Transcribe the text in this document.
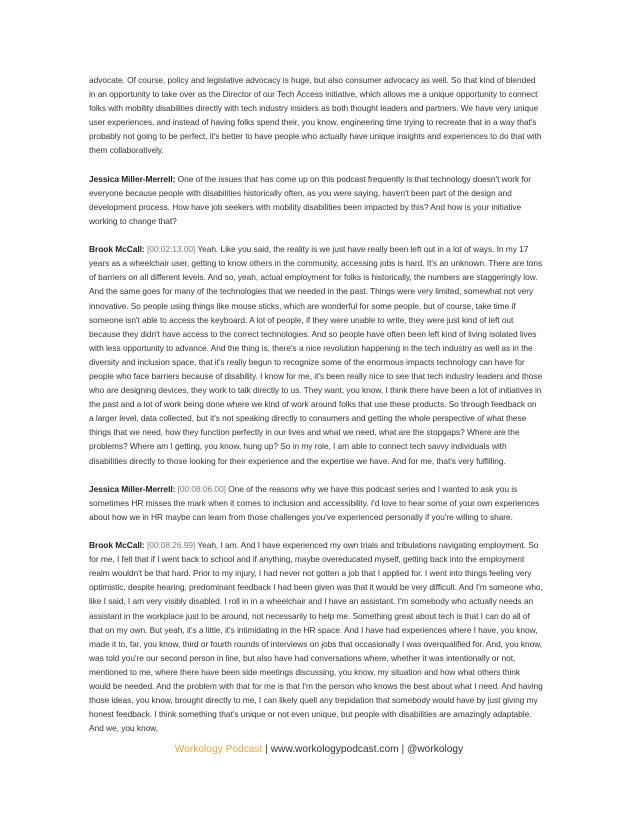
advocate. Of course, policy and legislative advocacy is huge, but also consumer advocacy as well. So that kind of blended in an opportunity to take over as the Director of our Tech Access initiative, which allows me a unique opportunity to connect folks with mobility disabilities directly with tech industry insiders as both thought leaders and partners. We have very unique user experiences, and instead of having folks spend their, you know, engineering time trying to recreate that in a way that's probably not going to be perfect, it's better to have people who actually have unique insights and experiences to do that with them collaboratively.

Jessica Miller-Merrell: One of the issues that has come up on this podcast frequently is that technology doesn't work for everyone because people with disabilities historically often, as you were saying, haven't been part of the design and development process. How have job seekers with mobility disabilities been impacted by this? And how is your initiative working to change that?

Brook McCall: [00:02:13.00] Yeah. Like you said, the reality is we just have really been left out in a lot of ways. In my 17 years as a wheelchair user, getting to know others in the community, accessing jobs is hard. It's an unknown. There are tons of barriers on all different levels. And so, yeah, actual employment for folks is historically, the numbers are staggeringly low. And the same goes for many of the technologies that we needed in the past. Things were very limited, somewhat not very innovative. So people using things like mouse sticks, which are wonderful for some people, but of course, take time if someone isn't able to access the keyboard. A lot of people, if they were unable to write, they were just kind of left out because they didn't have access to the correct technologies. And so people have often been left kind of living isolated lives with less opportunity to advance. And the thing is, there's a nice revolution happening in the tech industry as well as in the diversity and inclusion space, that it's really begun to recognize some of the enormous impacts technology can have for people who face barriers because of disability. I know for me, it's been really nice to see that tech industry leaders and those who are designing devices, they work to talk directly to us. They want, you know, I think there have been a lot of initiatives in the past and a lot of work being done where we kind of work around folks that use these products. So through feedback on a larger level, data collected, but it's not speaking directly to consumers and getting the whole perspective of what these things that we need, how they function perfectly in our lives and what we need, what are the stopgaps? Where are the problems? Where am I getting, you know, hung up? So in my role, I am able to connect tech savvy individuals with disabilities directly to those looking for their experience and the expertise we have. And for me, that's very fulfilling.

Jessica Miller-Merrell: [00:08:06.00] One of the reasons why we have this podcast series and I wanted to ask you is sometimes HR misses the mark when it comes to inclusion and accessibility. I'd love to hear some of your own experiences about how we in HR maybe can learn from those challenges you've experienced personally if you're willing to share.

Brook McCall: [00:08:26.99] Yeah, I am. And I have experienced my own trials and tribulations navigating employment. So for me, I felt that if I went back to school and if anything, maybe overeducated myself, getting back into the employment realm wouldn't be that hard. Prior to my injury, I had never not gotten a job that I applied for. I went into things feeling very optimistic, despite hearing, predominant feedback I had been given was that it would be very difficult. And I'm someone who, like I said, I am very visibly disabled. I roll in in a wheelchair and I have an assistant. I'm somebody who actually needs an assistant in the workplace just to be around, not necessarily to help me. Something great about tech is that I can do all of that on my own. But yeah, it's a little, it's intimidating in the HR space. And I have had experiences where I have, you know, made it to, far, you know, third or fourth rounds of interviews on jobs that occasionally I was overqualified for. And, you know, was told you're our second person in line, but also have had conversations where, whether it was intentionally or not, mentioned to me, where there have been side meetings discussing, you know, my situation and how what others think would be needed. And the problem with that for me is that I'm the person who knows the best about what I need. And having those ideas, you know, brought directly to me, I can likely quell any trepidation that somebody would have by just giving my honest feedback. I think something that's unique or not even unique, but people with disabilities are amazingly adaptable. And we, you know,

Workology Podcast | www.workologypodcast.com | @workology
